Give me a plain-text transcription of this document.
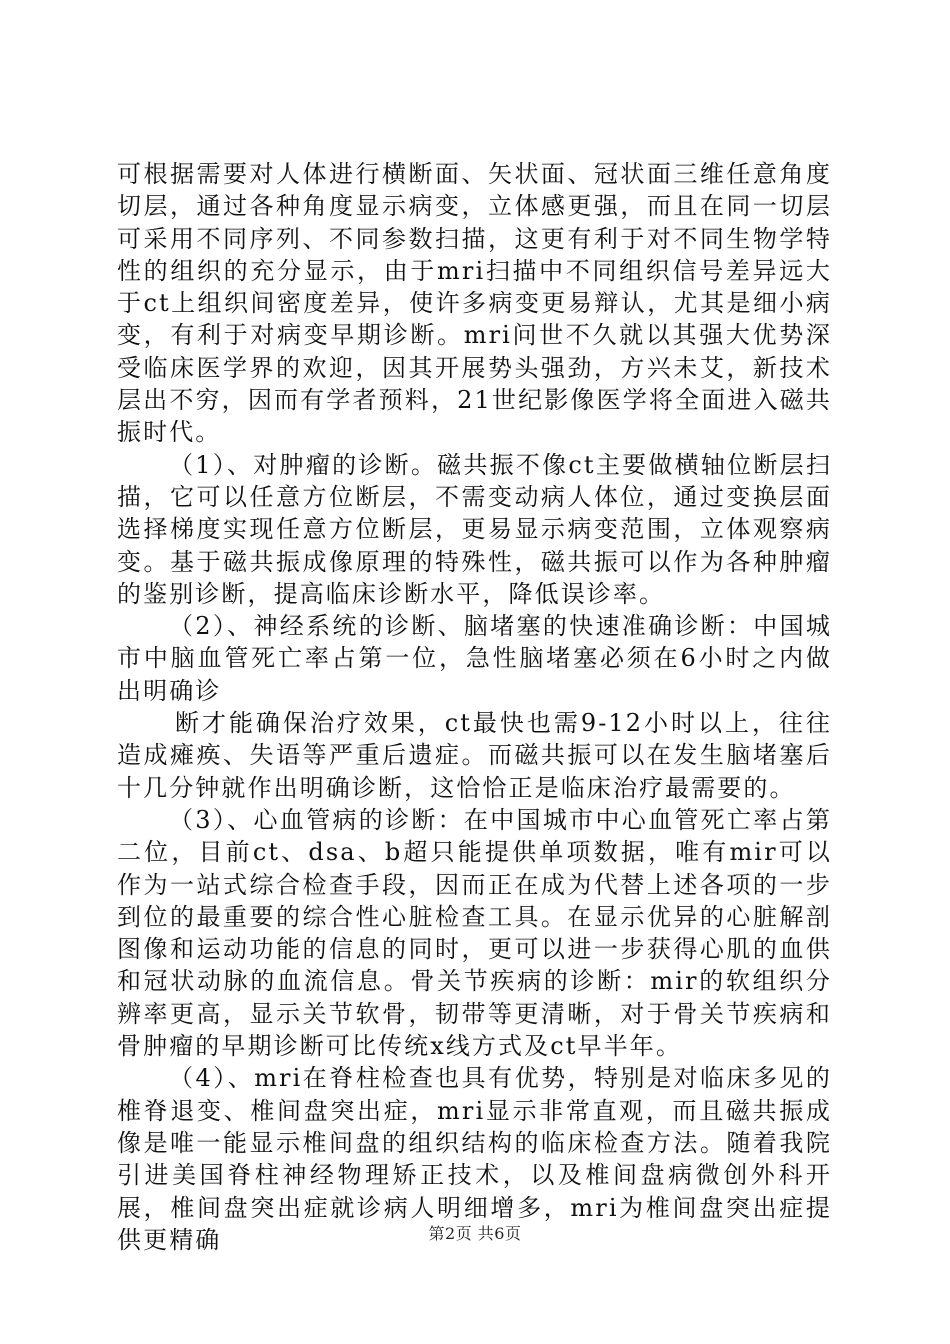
可根据需要对人体进行横断面、矢状面、冠状面三维任意角度切层，通过各种角度显示病变，立体感更强，而且在同一切层可采用不同序列、不同参数扫描，这更有利于对不同生物学特性的组织的充分显示，由于mri扫描中不同组织信号差异远大于ct上组织间密度差异，使许多病变更易辩认，尤其是细小病变，有利于对病变早期诊断。mri问世不久就以其强大优势深受临床医学界的欢迎，因其开展势头强劲，方兴未艾，新技术层出不穷，因而有学者预料，21世纪影像医学将全面进入磁共振时代。

（1）、对肿瘤的诊断。磁共振不像ct主要做横轴位断层扫描，它可以任意方位断层，不需变动病人体位，通过变换层面选择梯度实现任意方位断层，更易显示病变范围，立体观察病变。基于磁共振成像原理的特殊性，磁共振可以作为各种肿瘤的鉴别诊断，提高临床诊断水平，降低误诊率。

（2）、神经系统的诊断、脑堵塞的快速准确诊断：中国城市中脑血管死亡率占第一位，急性脑堵塞必须在6小时之内做出明确诊

断才能确保治疗效果，ct最快也需9-12小时以上，往往造成瘫痪、失语等严重后遗症。而磁共振可以在发生脑堵塞后十几分钟就作出明确诊断，这恰恰正是临床治疗最需要的。

（3）、心血管病的诊断：在中国城市中心血管死亡率占第二位，目前ct、dsa、b超只能提供单项数据，唯有mir可以作为一站式综合检查手段，因而正在成为代替上述各项的一步到位的最重要的综合性心脏检查工具。在显示优异的心脏解剖图像和运动功能的信息的同时，更可以进一步获得心肌的血供和冠状动脉的血流信息。骨关节疾病的诊断：mir的软组织分辨率更高，显示关节软骨，韧带等更清晰，对于骨关节疾病和骨肿瘤的早期诊断可比传统x线方式及ct早半年。

（4）、mri在脊柱检查也具有优势，特别是对临床多见的椎脊退变、椎间盘突出症，mri显示非常直观，而且磁共振成像是唯一能显示椎间盘的组织结构的临床检查方法。随着我院引进美国脊柱神经物理矫正技术，以及椎间盘病微创外科开展，椎间盘突出症就诊病人明细增多，mri为椎间盘突出症提供更精确	第2页 共6页
